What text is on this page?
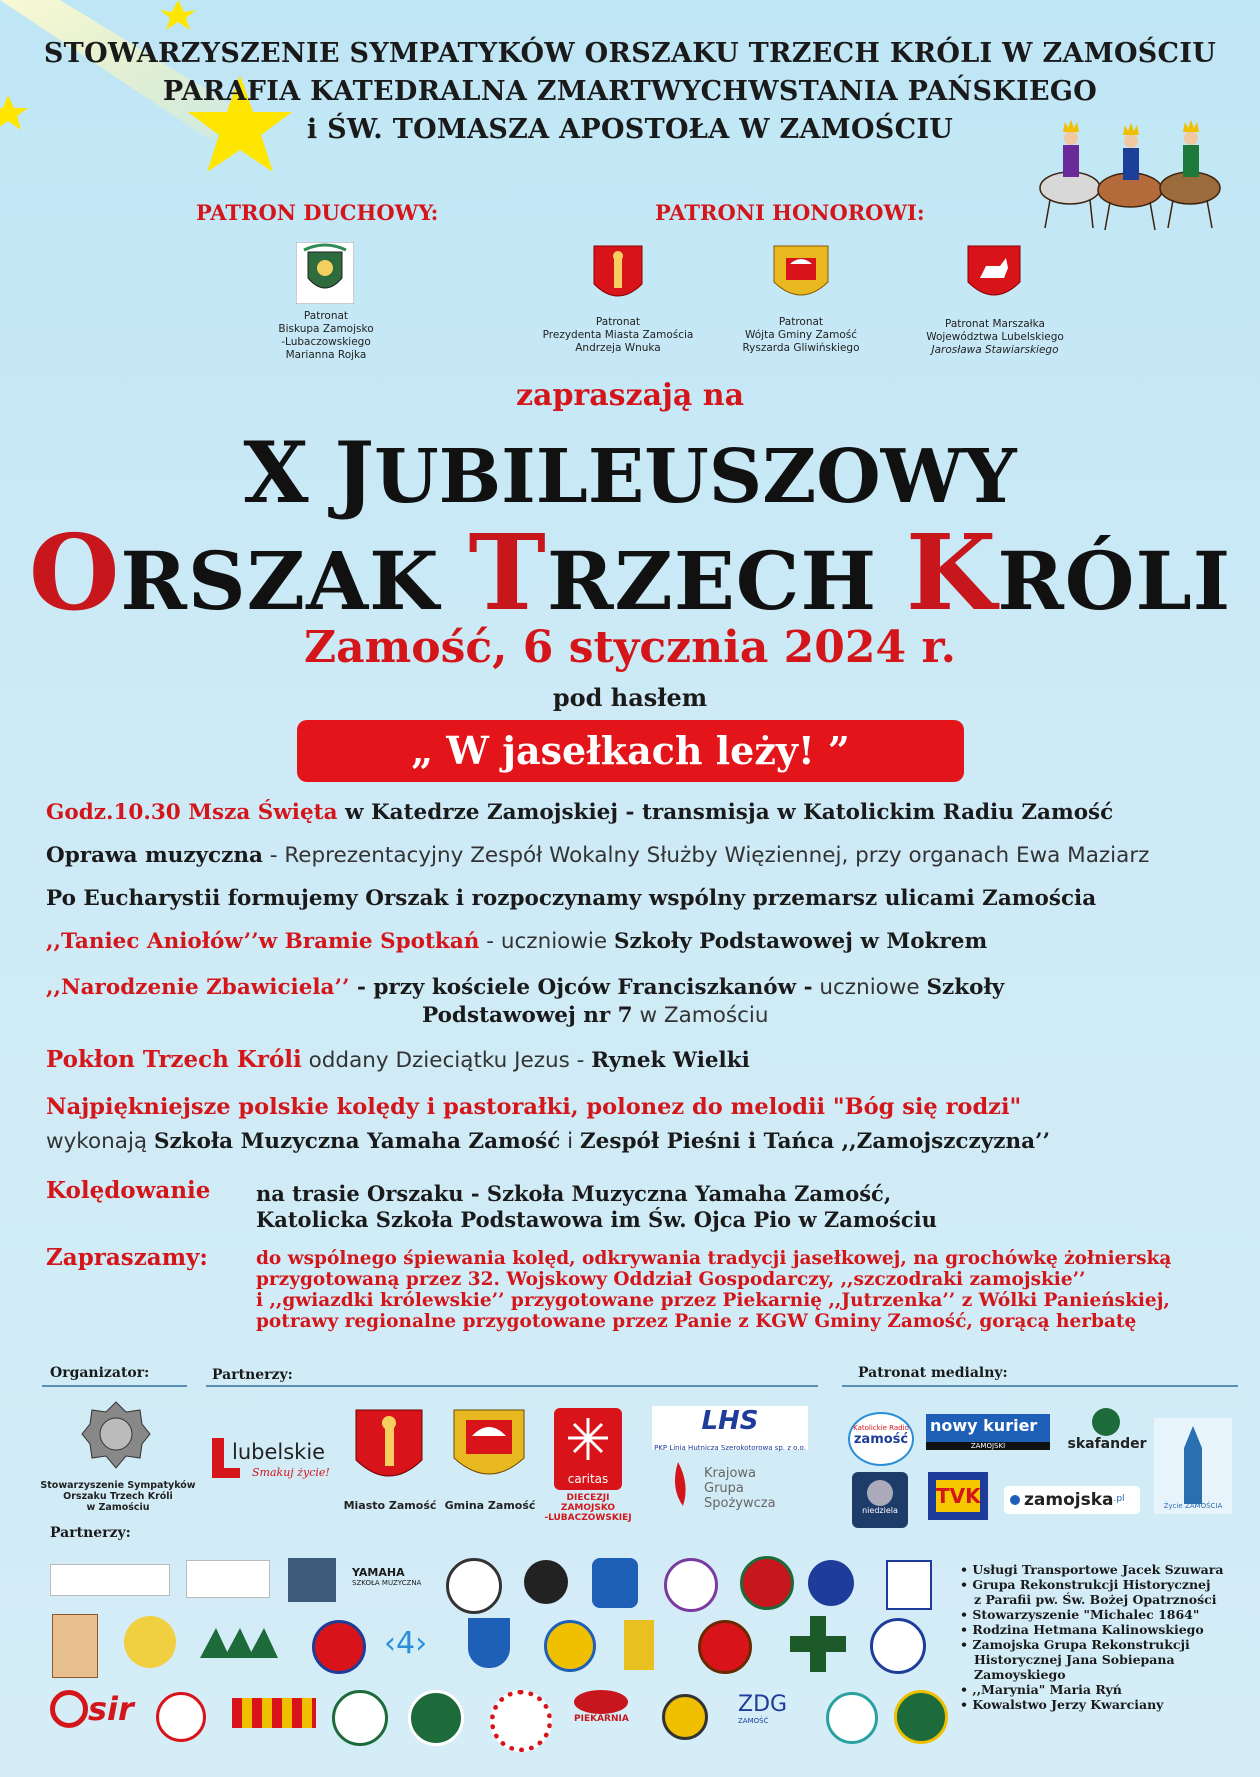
STOWARZYSZENIE SYMPATYKÓW ORSZAKU TRZECH KRÓLI W ZAMOŚCIU
PARAFIA KATEDRALNA ZMARTWYCHWSTANIA PAŃSKIEGO
i ŚW. TOMASZA APOSTOŁA W ZAMOŚCIU
PATRON DUCHOWY:	PATRONI HONOROWI:
Patronat
Biskupa Zamojsko
-Lubaczowskiego
Marianna Rojka
Patronat
Prezydenta Miasta Zamościa
Andrzeja Wnuka
Patronat
Wójta Gminy Zamość
Ryszarda Gliwińskiego
Patronat Marszałka
Województwa Lubelskiego
Jarosława Stawiarskiego
zapraszają na
X JUBILEUSZOWY
ORSZAK TRZECH KRÓLI
Zamość, 6 stycznia 2024 r.
pod hasłem
„ W jasełkach leży! ”
Godz.10.30 Msza Święta w Katedrze Zamojskiej - transmisja w Katolickim Radiu Zamość
Oprawa muzyczna - Reprezentacyjny Zespół Wokalny Służby Więziennej, przy organach Ewa Maziarz
Po Eucharystii formujemy Orszak i rozpoczynamy wspólny przemarsz ulicami Zamościa
,,Taniec Aniołów’’w Bramie Spotkań - uczniowie Szkoły Podstawowej w Mokrem
,,Narodzenie Zbawiciela’’ - przy kościele Ojców Franciszkanów - uczniowe Szkoły
Podstawowej nr 7 w Zamościu
Pokłon Trzech Króli oddany Dzieciątku Jezus - Rynek Wielki
Najpiękniejsze polskie kolędy i pastorałki, polonez do melodii "Bóg się rodzi"
wykonają Szkoła Muzyczna Yamaha Zamość i Zespół Pieśni i Tańca ,,Zamojszczyzna’’
Kolędowanie	na trasie Orszaku - Szkoła Muzyczna Yamaha Zamość,
Katolicka Szkoła Podstawowa im Św. Ojca Pio w Zamościu
Zapraszamy:	do wspólnego śpiewania kolęd, odkrywania tradycji jasełkowej, na grochówkę żołnierską
przygotowaną przez 32. Wojskowy Oddział Gospodarczy, ,,szczodraki zamojskie’’
i ,,gwiazdki królewskie’’ przygotowane przez Piekarnię ,,Jutrzenka’’ z Wólki Panieńskiej,
potrawy regionalne przygotowane przez Panie z KGW Gminy Zamość, gorącą herbatę
Organizator:	Partnerzy:	Patronat medialny:
Stowarzyszenie Sympatyków
Orszaku Trzech Króli
w Zamościu
lubelskie
Smakuj życie!
Miasto Zamość Gmina Zamość
caritas
DIECEZJI
ZAMOJSKO
-LUBACZOWSKIEJ
LHS
PKP Linia Hutnicza Szerokotorowa sp. z o.o.
Krajowa
Grupa
Spożywcza
Katolickie Radio
zamość
nowy kurier
ZAMOJSKI	skafander
Życie ZAMOŚCIA
niedziela
TVK	zamojska.pl
Partnerzy:
YAMAHA
SZKOŁA MUZYCZNA
‹4›
sir	PIEKARNIA
ZDG
ZAMOŚĆ
• Usługi Transportowe Jacek Szuwara
• Grupa Rekonstrukcji Historycznej
z Parafii pw. Św. Bożej Opatrzności
• Stowarzyszenie "Michalec 1864"
• Rodzina Hetmana Kalinowskiego
• Zamojska Grupa Rekonstrukcji
Historycznej Jana Sobiepana
Zamoyskiego
• ,,Marynia" Maria Ryń
• Kowalstwo Jerzy Kwarciany
